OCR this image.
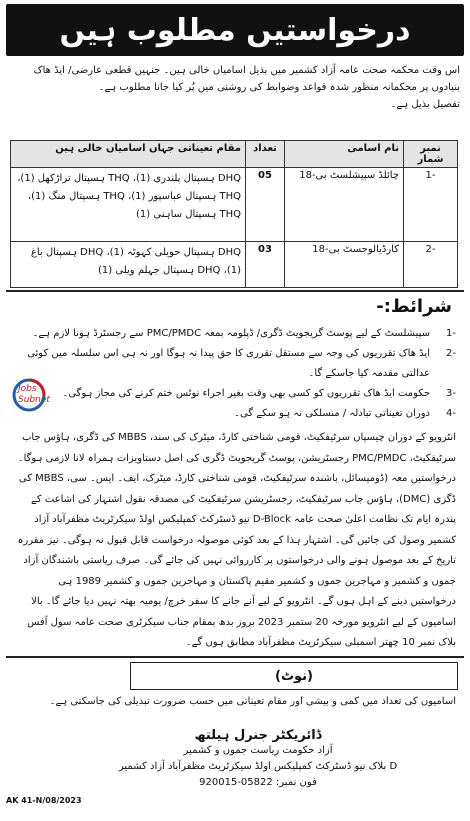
درخواستیں مطلوب ہیں
اس وقت محکمہ صحت عامہ آزاد کشمیر میں بذیل اسامیاں خالی ہیں۔ جنہیں قطعی عارضی/ ایڈ ھاک بنیادوں پر محکمانہ منظور شدہ قواعد وضوابط کی روشنی میں پُر کیا جانا مطلوب ہے۔
تفصیل بذیل ہے۔
نمبر شمار	نام اسامی	تعداد	مقام تعیناتی جہاں اسامیاں خالی ہیں
-1	چائلڈ سپیشلسٹ بی-18	05	DHQ ہسپتال پلندری (1)، THQ ہسپتال تراڑکھل (1)، THQ ہسپتال عباسپور (1)، THQ ہسپتال منگ (1)، THQ ہسپتال ساہنی (1)
-2	کارڈیالوجسٹ بی-18	03	DHQ ہسپتال حویلی کہوٹہ (1)، DHQ ہسپتال باغ (1)، DHQ ہسپتال جہلم ویلی (1)
شرائط:-
-1
سپیشلسٹ کے لیے پوسٹ گریجویٹ ڈگری/ ڈپلومہ بمعہ PMC/PMDC سے رجسٹرڈ ہونا لازم ہے۔
-2
ایڈ ھاک تقرریوں کی وجہ سے مستقل تقرری کا حق پیدا نہ ہوگا اور نہ ہی اس سلسلہ میں کوئی عدالتی مقدمہ کیا جاسکے گا۔
-3
حکومت ایڈ ھاک تقرریوں کو کسی بھی وقت بغیر اجراء نوٹس ختم کرنے کی مجاز ہوگی۔
-4
دوران تعیناتی تبادلہ / منسلکی نہ ہو سکے گی۔
انٹرویو کے دوران چیسپاں سرٹیفکیٹ، قومی شناختی کارڈ، میٹرک کی سند، MBBS کی ڈگری، ہاؤس جاب سرٹیفکیٹ، PMC/PMDC رجسٹریشن، پوسٹ گریجویٹ ڈگری کی اصل دستاویزات ہمراہ لانا لازمی ہوگا۔ درخواستیں معہ (ڈومیسائل، باشندہ سرٹیفکیٹ، قومی شناختی کارڈ، میٹرک، ایف۔ ایس۔ سی، MBBS کی ڈگری (DMC)، ہاؤس جاب سرٹیفکیٹ، رجسٹریشن سرٹیفکیٹ کی مصدقہ نقول اشتہار کی اشاعت کے پندرہ ایام تک نظامت اعلیٰ صحت عامہ D-Block نیو ڈسٹرکٹ کمپلیکس اولڈ سیکرٹریٹ مظفرآباد آزاد کشمیر وصول کی جائیں گی۔ اشتہار ہذا کے بعد کوئی موصولہ درخواست قابل قبول نہ ہوگی۔ نیز مقررہ تاریخ کے بعد موصول ہونے والی درخواستوں پر کارروائی نہیں کی جائے گی۔ صرف ریاستی باشندگان آزاد جموں و کشمیر و مہاجرین جموں و کشمیر مقیم پاکستان و مہاجرین جموں و کشمیر 1989 ہی درخواستیں دینے کے اہل ہوں گے۔ انٹرویو کے لیے آنے جانے کا سفر خرچ/ یومیہ بھتہ نہیں دیا جائے گا۔ بالا اسامیوں کے لیے انٹرویو مورخہ 20 ستمبر 2023 بروز بدھ بمقام جناب سیکرٹری صحت عامہ سول آفس بلاک نمبر 10 چھتر اسمبلی سیکرٹریٹ مظفرآباد مطابق ہوں گے۔
Jobs
Subnet
(نوٹ)
اسامیوں کی تعداد میں کمی و بیشی اور مقام تعیناتی میں حسب ضرورت تبدیلی کی جاسکتی ہے۔
ڈائریکٹر جنرل ہیلتھ
آزاد حکومت ریاست جموں و کشمیر
D بلاک نیو ڈسٹرکٹ کمپلیکس اولڈ سیکرٹریٹ مظفرآباد آزاد کشمیر
فون نمبر: 05822-920015
AK 41-N/08/2023
